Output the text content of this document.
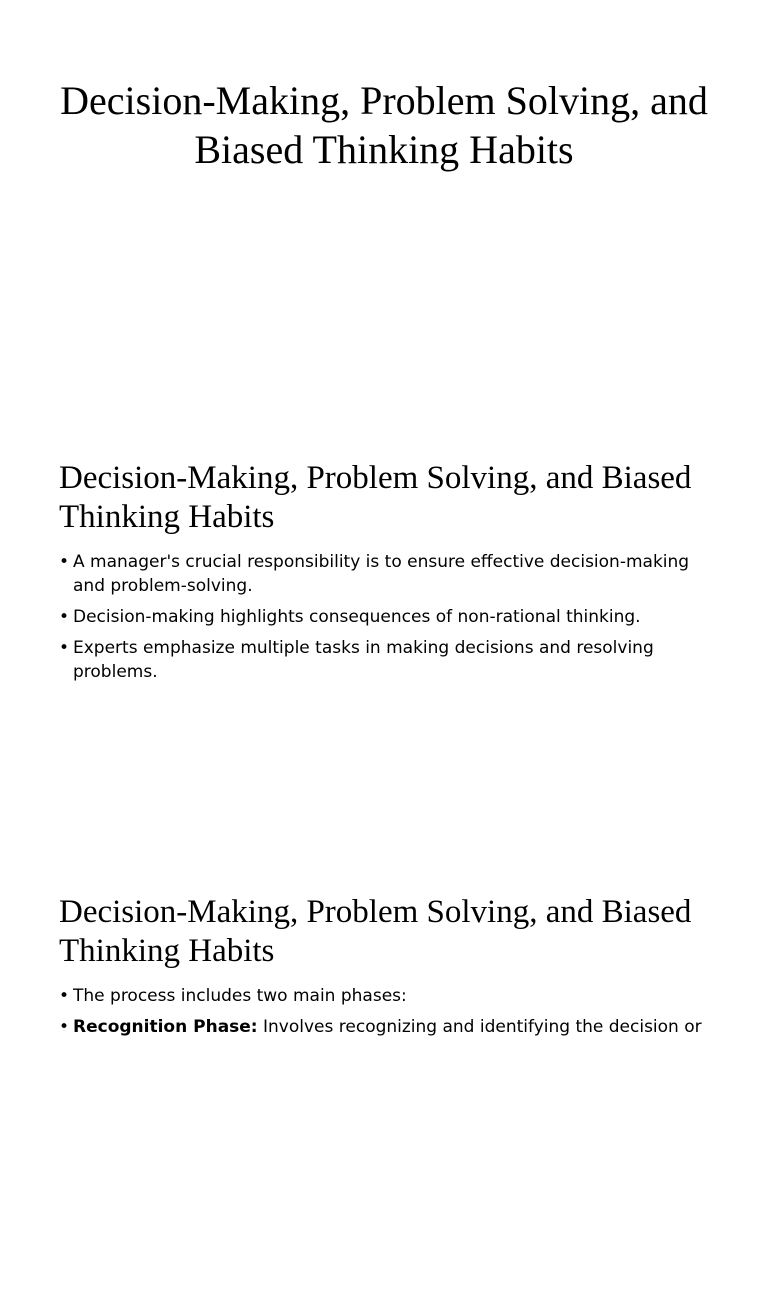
Decision-Making, Problem Solving, and Biased Thinking Habits
Decision-Making, Problem Solving, and Biased Thinking Habits
• A manager's crucial responsibility is to ensure effective decision-making and problem-solving.
• Decision-making highlights consequences of non-rational thinking.
• Experts emphasize multiple tasks in making decisions and resolving problems.
Decision-Making, Problem Solving, and Biased Thinking Habits
• The process includes two main phases:
• Recognition Phase: Involves recognizing and identifying the decision or
